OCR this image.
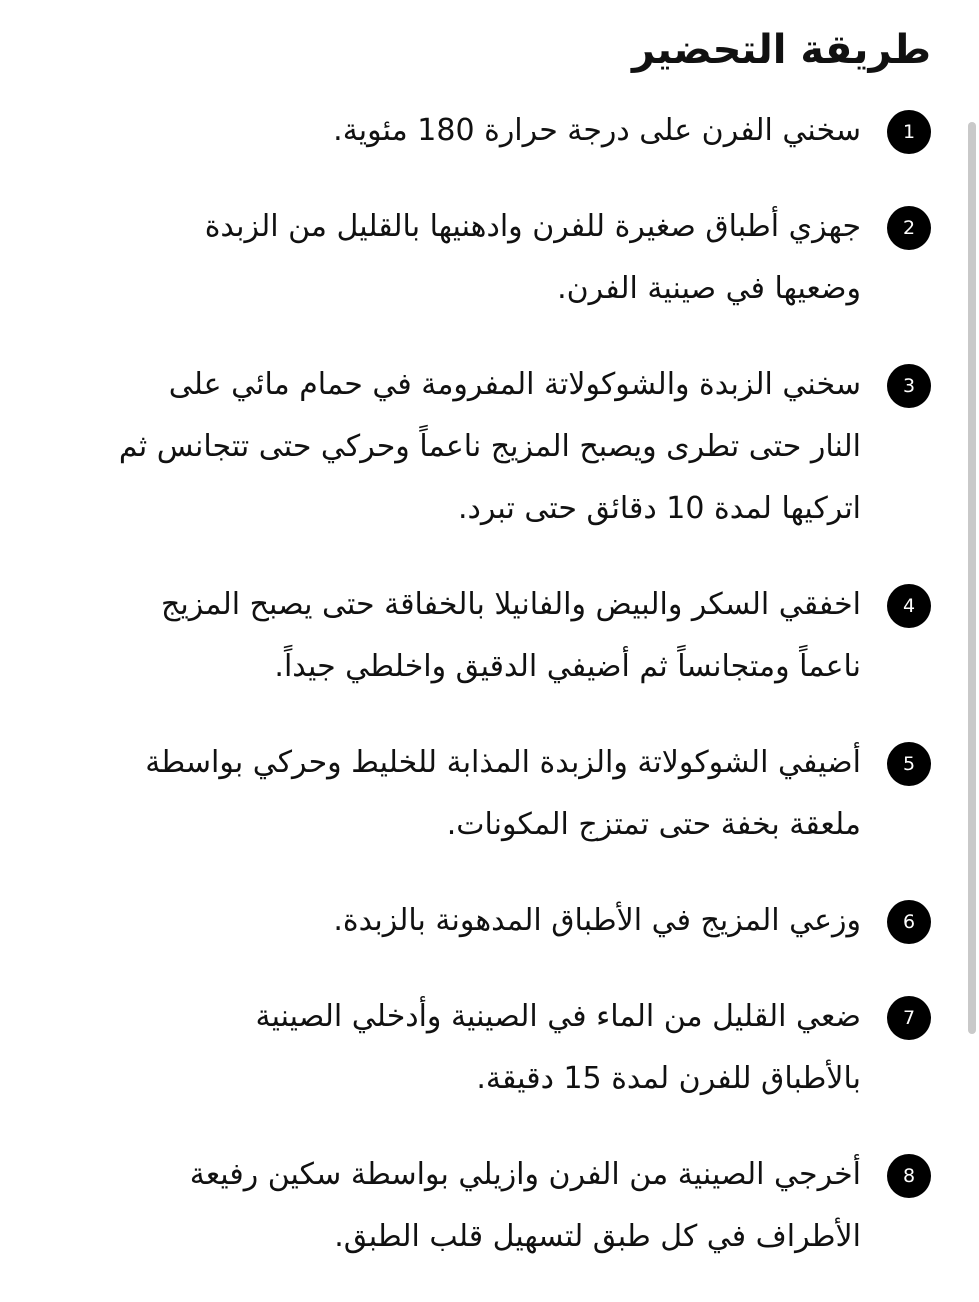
طريقة التحضير
1
سخني الفرن على درجة حرارة 180 مئوية.
2
جهزي أطباق صغيرة للفرن وادهنيها بالقليل من الزبدة
وضعيها في صينية الفرن.
3
سخني الزبدة والشوكولاتة المفرومة في حمام مائي على
النار حتى تطرى ويصبح المزيج ناعماً وحركي حتى تتجانس ثم
اتركيها لمدة 10 دقائق حتى تبرد.
4
اخفقي السكر والبيض والفانيلا بالخفاقة حتى يصبح المزيج
ناعماً ومتجانساً ثم أضيفي الدقيق واخلطي جيداً.
5
أضيفي الشوكولاتة والزبدة المذابة للخليط وحركي بواسطة
ملعقة بخفة حتى تمتزج المكونات.
6
وزعي المزيج في الأطباق المدهونة بالزبدة.
7
ضعي القليل من الماء في الصينية وأدخلي الصينية
بالأطباق للفرن لمدة 15 دقيقة.
8
أخرجي الصينية من الفرن وازيلي بواسطة سكين رفيعة
الأطراف في كل طبق لتسهيل قلب الطبق.
